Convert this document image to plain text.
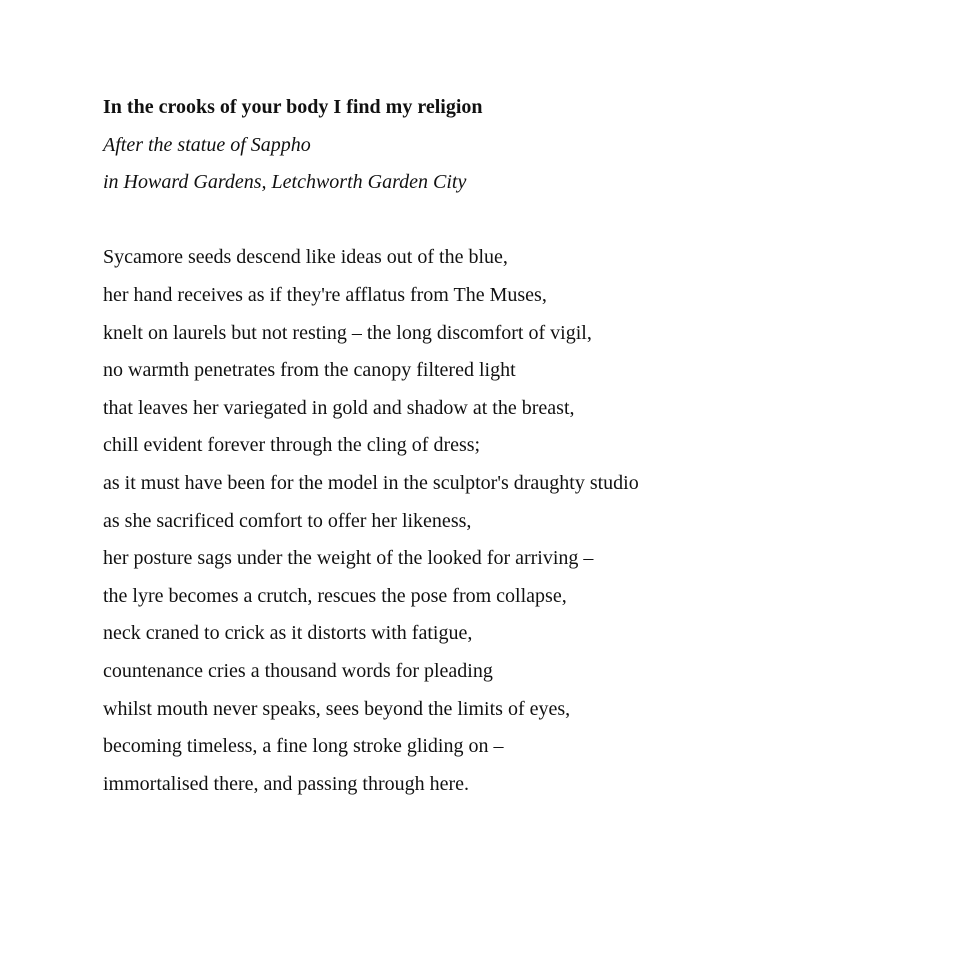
In the crooks of your body I find my religion
After the statue of Sappho
in Howard Gardens, Letchworth Garden City
Sycamore seeds descend like ideas out of the blue,
her hand receives as if they're afflatus from The Muses,
knelt on laurels but not resting – the long discomfort of vigil,
no warmth penetrates from the canopy filtered light
that leaves her variegated in gold and shadow at the breast,
chill evident forever through the cling of dress;
as it must have been for the model in the sculptor's draughty studio
as she sacrificed comfort to offer her likeness,
her posture sags under the weight of the looked for arriving –
the lyre becomes a crutch, rescues the pose from collapse,
neck craned to crick as it distorts with fatigue,
countenance cries a thousand words for pleading
whilst mouth never speaks, sees beyond the limits of eyes,
becoming timeless, a fine long stroke gliding on –
immortalised there, and passing through here.
